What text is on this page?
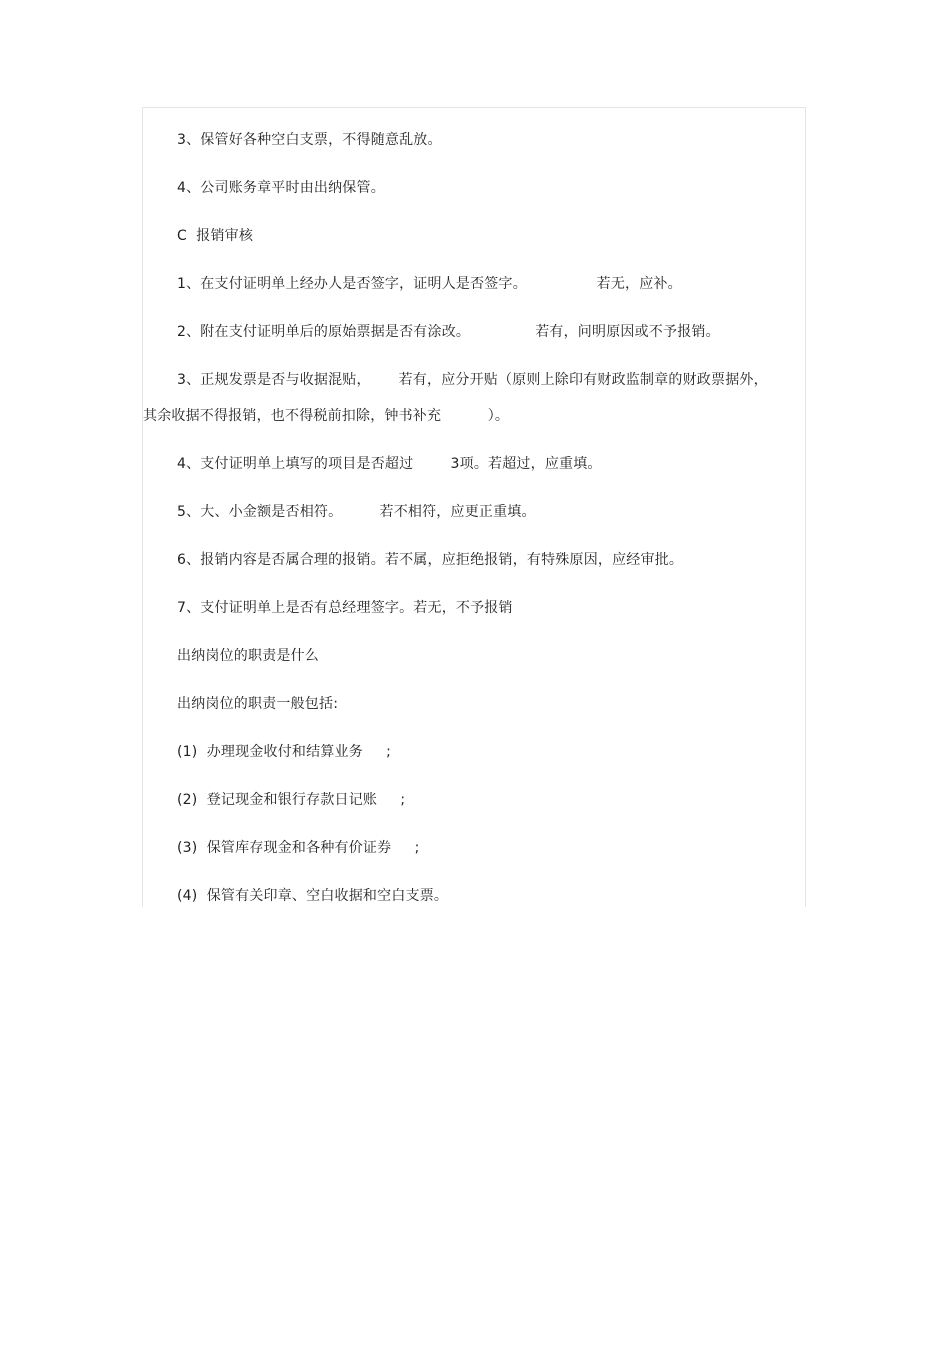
3、保管好各种空白支票，不得随意乱放。
4、公司账务章平时由出纳保管。
C  报销审核
1、在支付证明单上经办人是否签字，证明人是否签字。               若无，应补。
2、附在支付证明单后的原始票据是否有涂改。              若有，问明原因或不予报销。
3、正规发票是否与收据混贴，      若有，应分开贴（原则上除印有财政监制章的财政票据外，
其余收据不得报销，也不得税前扣除，钟书补充          ）。
4、支付证明单上填写的项目是否超过        3项。若超过，应重填。
5、大、小金额是否相符。        若不相符，应更正重填。
6、报销内容是否属合理的报销。若不属，应拒绝报销，有特殊原因，应经审批。
7、支付证明单上是否有总经理签字。若无，不予报销
出纳岗位的职责是什么
出纳岗位的职责一般包括:
(1)  办理现金收付和结算业务     ;
(2)  登记现金和银行存款日记账     ;
(3)  保管库存现金和各种有价证券     ;
(4)  保管有关印章、空白收据和空白支票。
